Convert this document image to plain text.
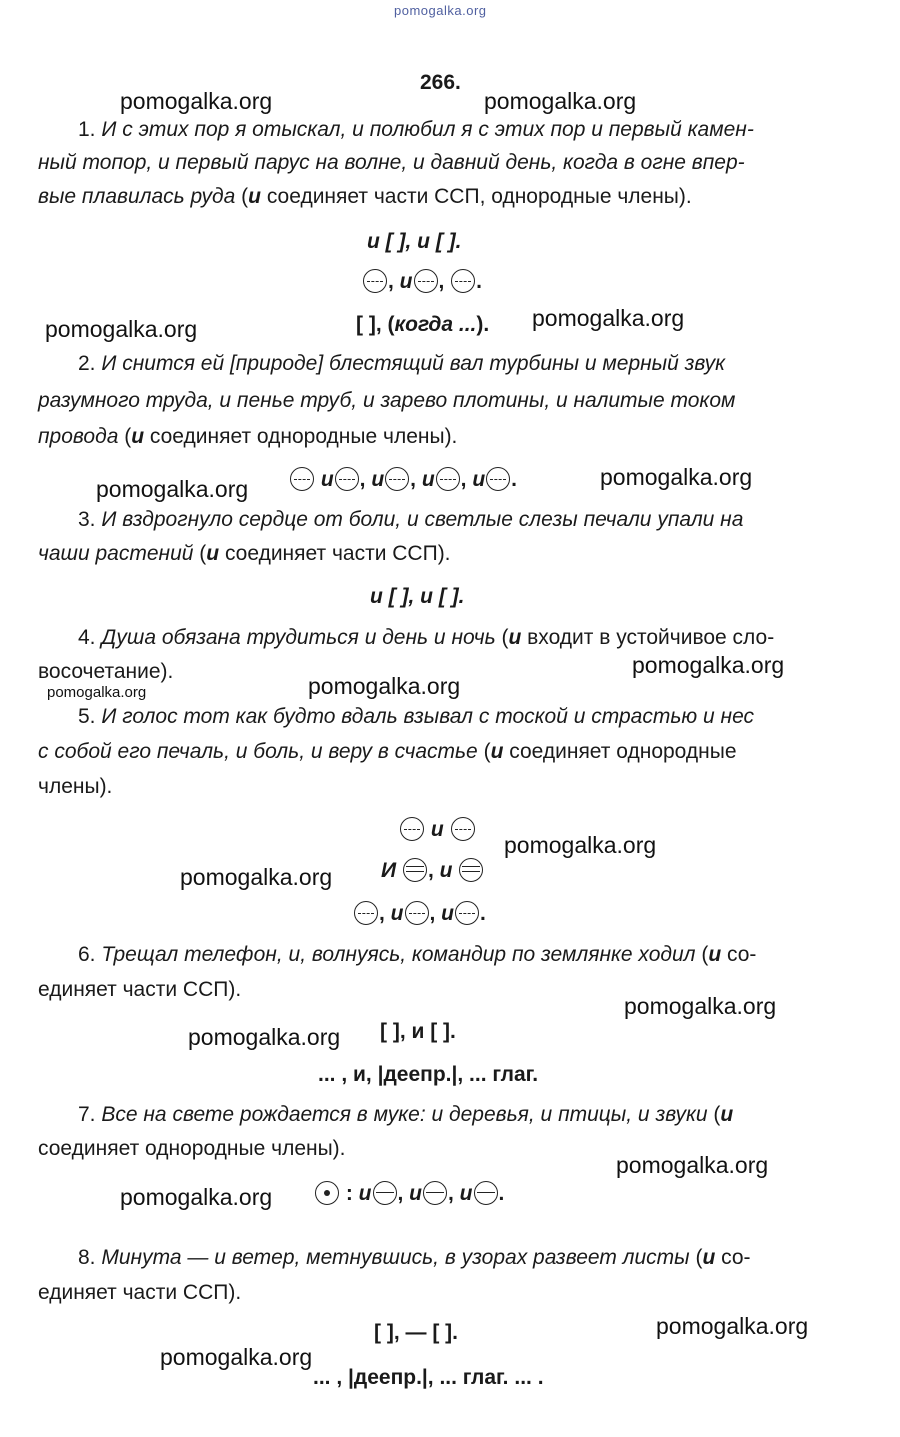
pomogalka.org
266.
pomogalka.org	pomogalka.org
pomogalka.org	pomogalka.org
pomogalka.org	pomogalka.org
pomogalka.org
pomogalka.org	pomogalka.org
pomogalka.org
pomogalka.org
pomogalka.org
pomogalka.org
pomogalka.org
pomogalka.org
pomogalka.org
pomogalka.org
1. И с этих пор я отыскал, и полюбил я с этих пор и первый камен-
ный топор, и первый парус на волне, и давний день, когда в огне впер-
вые плавилась руда (и соединяет части ССП, однородные члены).
и [ ], и [ ].
, и , .
[ ], (когда ...).
2. И снится ей [природе] блестящий вал турбины и мерный звук
разумного труда, и пенье труб, и зарево плотины, и налитые током
провода (и соединяет однородные члены).
и , и , и , и .
3. И вздрогнуло сердце от боли, и светлые слезы печали упали на
чаши растений (и соединяет части ССП).
и [ ], и [ ].
4. Душа обязана трудиться и день и ночь (и входит в устойчивое сло-
восочетание).
5. И голос тот как будто вдаль взывал с тоской и страстью и нес
с собой его печаль, и боль, и веру в счастье (и соединяет однородные
члены).
и
И , и
, и , и .
6. Трещал телефон, и, волнуясь, командир по землянке ходил (и со-
единяет части ССП).
[ ], и [ ].
... , и, |деепр.|, ... глаг.
7. Все на свете рождается в муке: и деревья, и птицы, и звуки (и
соединяет однородные члены).
: и , и , и .
8. Минута — и ветер, метнувшись, в узорах развеет листы (и со-
единяет части ССП).
[ ], — [ ].
... , |деепр.|, ... глаг. ... .
